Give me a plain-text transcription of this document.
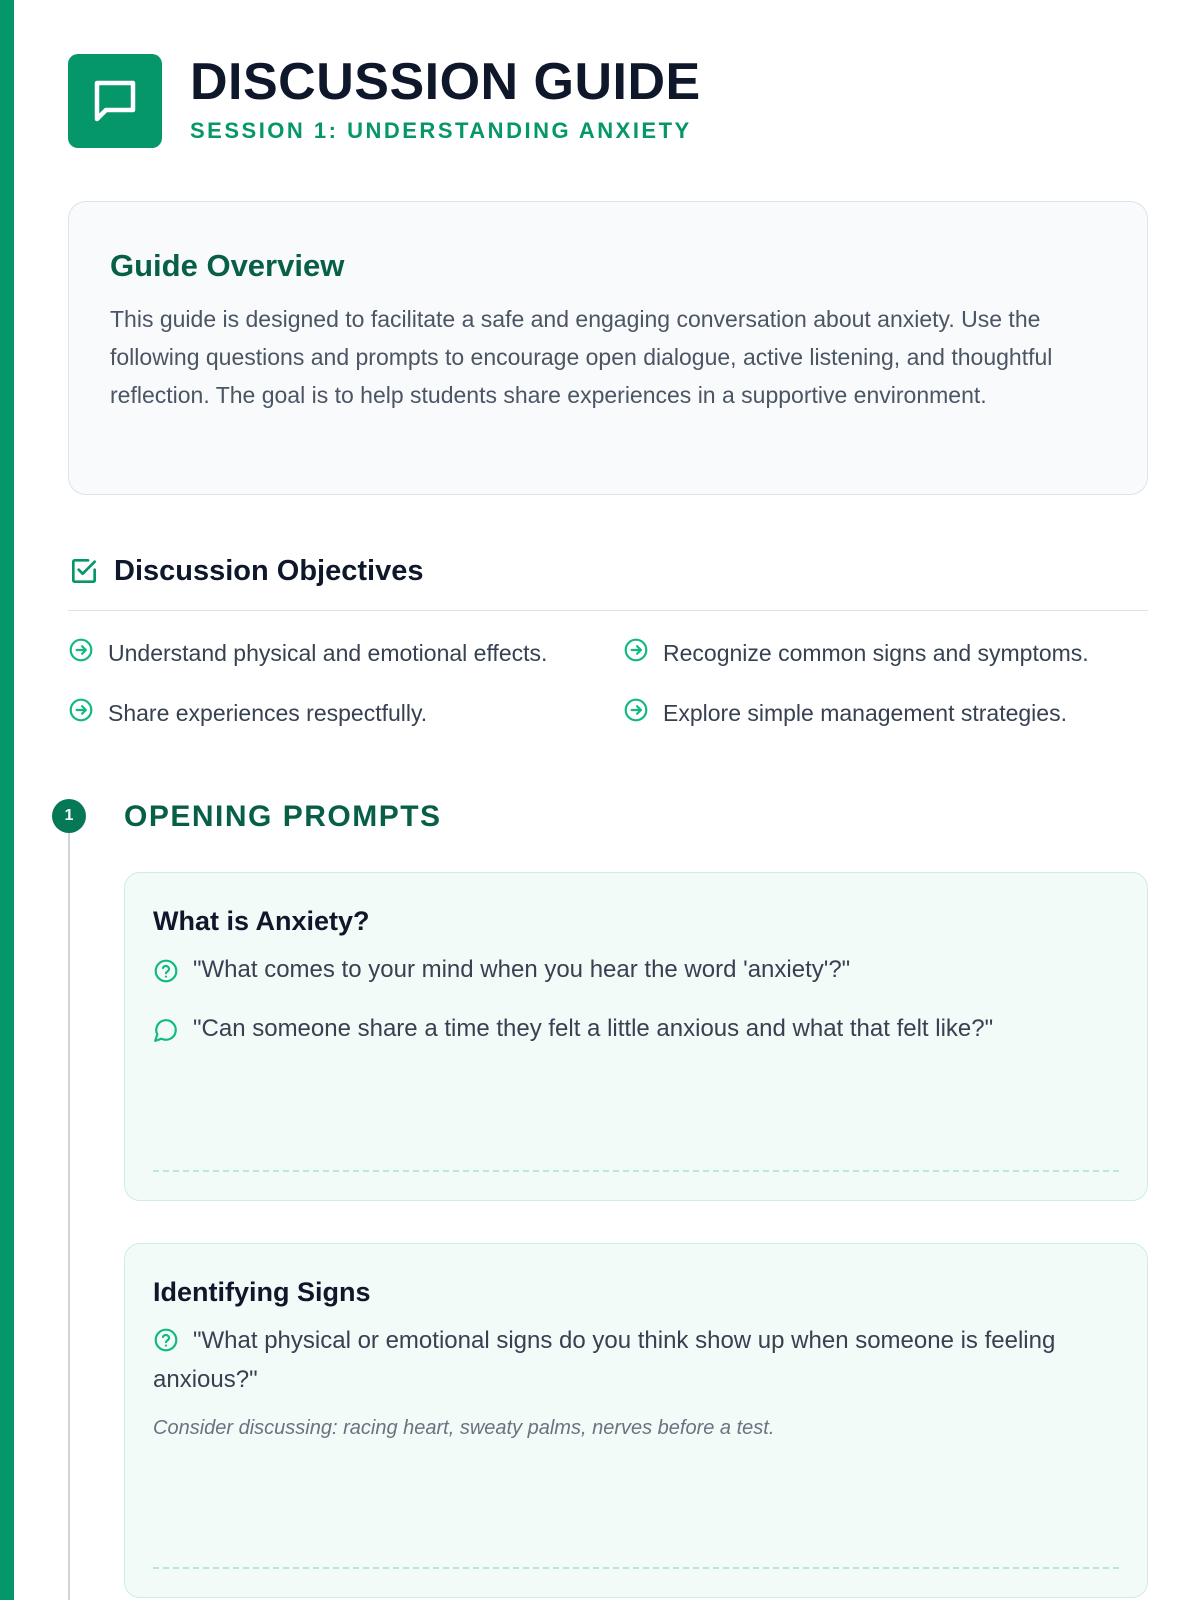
DISCUSSION GUIDE
SESSION 1: UNDERSTANDING ANXIETY
Guide Overview

This guide is designed to facilitate a safe and engaging conversation about anxiety. Use the following questions and prompts to encourage open dialogue, active listening, and thoughtful reflection. The goal is to help students share experiences in a supportive environment.

Discussion Objectives
Understand physical and emotional effects.	Recognize common signs and symptoms.
Share experiences respectfully.	Explore simple management strategies.
1	OPENING PROMPTS
What is Anxiety?
"What comes to your mind when you hear the word 'anxiety'?"
"Can someone share a time they felt a little anxious and what that felt like?"
Identifying Signs
"What physical or emotional signs do you think show up when someone is feeling anxious?"
Consider discussing: racing heart, sweaty palms, nerves before a test.
